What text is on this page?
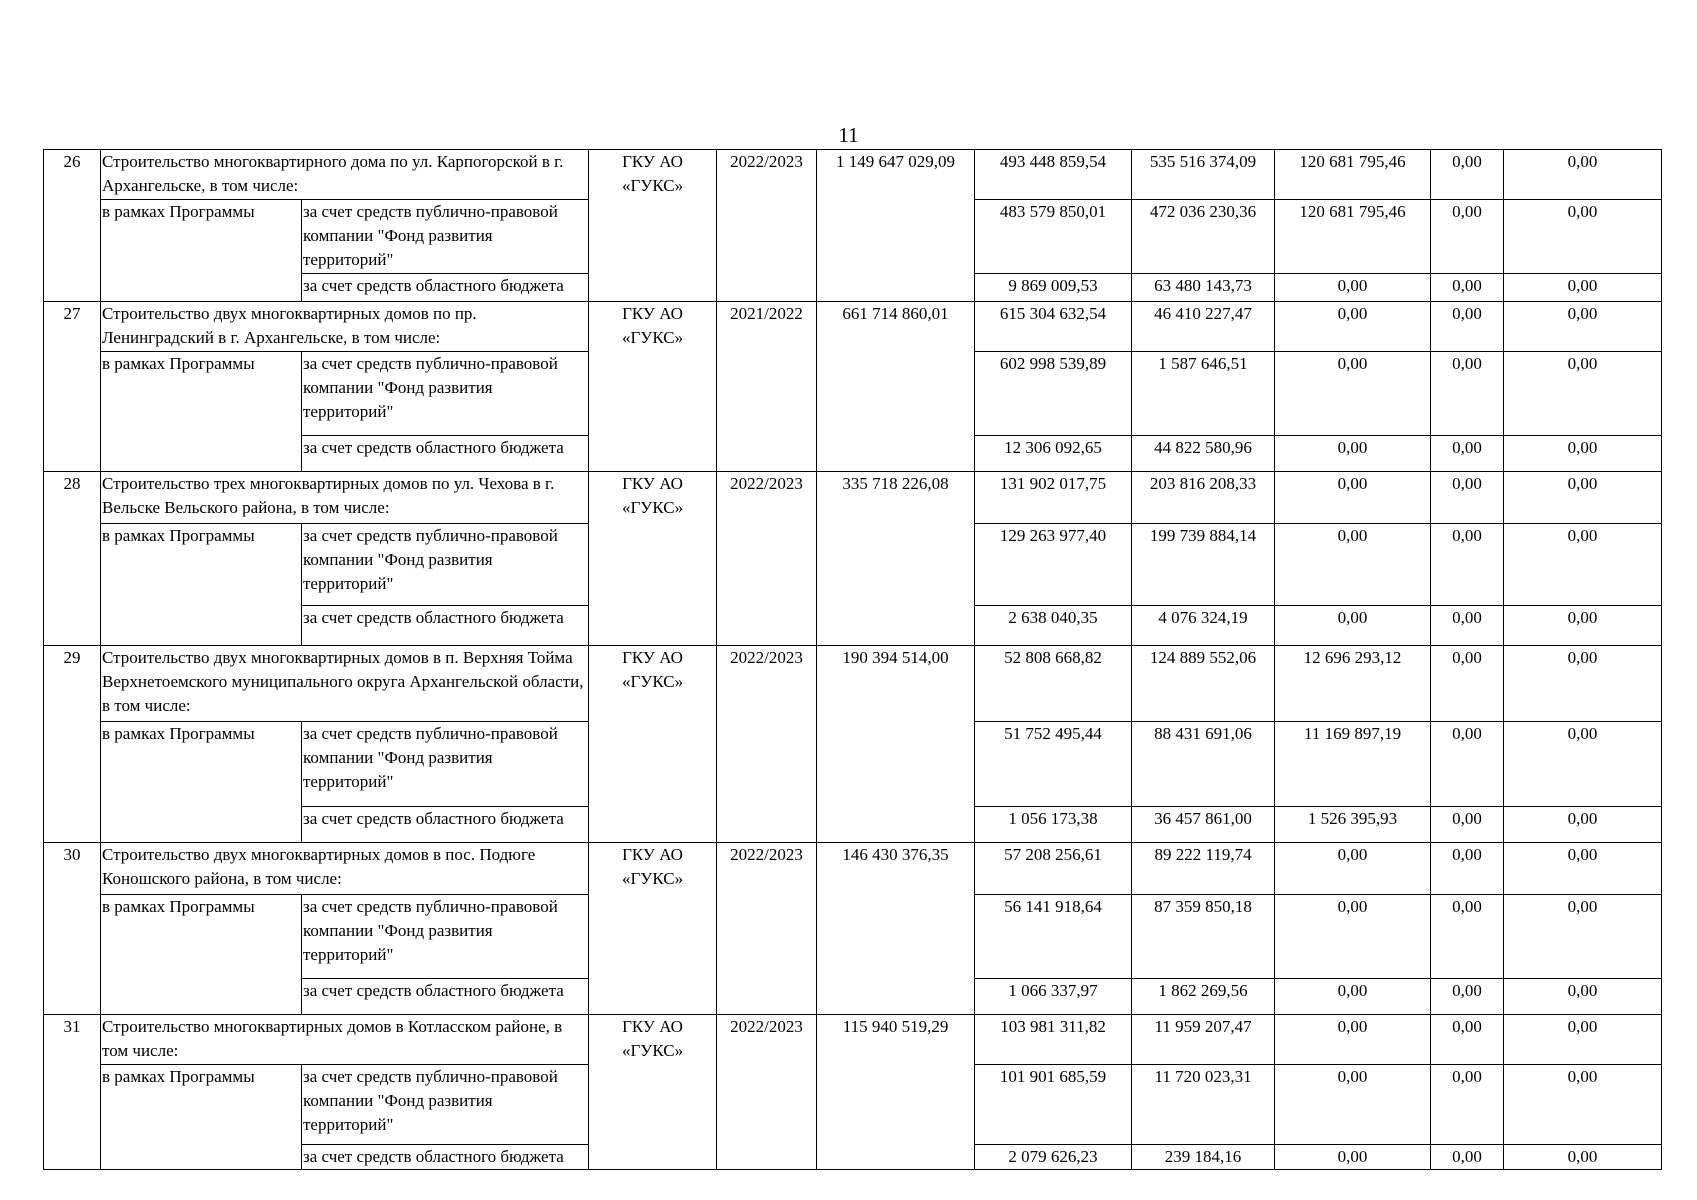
11
26	Строительство многоквартирного дома по ул. Карпогорской в г. Архангельске, в том числе:		ГКУ АО
«ГУКС»	2022/2023	1 149 647 029,09	493 448 859,54	535 516 374,09	120 681 795,46	0,00	0,00
	в рамках Программы	за счет средств публично-правовой компании "Фонд развития территорий"				483 579 850,01	472 036 230,36	120 681 795,46	0,00	0,00
		за счет средств областного бюджета				9 869 009,53	63 480 143,73	0,00	0,00	0,00
27	Строительство двух многоквартирных домов по пр. Ленинградский в г. Архангельске, в том числе:		ГКУ АО
«ГУКС»	2021/2022	661 714 860,01	615 304 632,54	46 410 227,47	0,00	0,00	0,00
	в рамках Программы	за счет средств публично-правовой компании "Фонд развития территорий"				602 998 539,89	1 587 646,51	0,00	0,00	0,00
		за счет средств областного бюджета				12 306 092,65	44 822 580,96	0,00	0,00	0,00
28	Строительство трех многоквартирных домов по ул. Чехова в г. Вельске Вельского района, в том числе:		ГКУ АО
«ГУКС»	2022/2023	335 718 226,08	131 902 017,75	203 816 208,33	0,00	0,00	0,00
	в рамках Программы	за счет средств публично-правовой компании "Фонд развития территорий"				129 263 977,40	199 739 884,14	0,00	0,00	0,00
		за счет средств областного бюджета				2 638 040,35	4 076 324,19	0,00	0,00	0,00
29	Строительство двух многоквартирных домов в п. Верхняя Тойма Верхнетоемского муниципального округа Архангельской области, в том числе:		ГКУ АО
«ГУКС»	2022/2023	190 394 514,00	52 808 668,82	124 889 552,06	12 696 293,12	0,00	0,00
	в рамках Программы	за счет средств публично-правовой компании "Фонд развития территорий"				51 752 495,44	88 431 691,06	11 169 897,19	0,00	0,00
		за счет средств областного бюджета				1 056 173,38	36 457 861,00	1 526 395,93	0,00	0,00
30	Строительство двух многоквартирных домов в пос. Подюге Коношского района, в том числе:		ГКУ АО
«ГУКС»	2022/2023	146 430 376,35	57 208 256,61	89 222 119,74	0,00	0,00	0,00
	в рамках Программы	за счет средств публично-правовой компании "Фонд развития территорий"				56 141 918,64	87 359 850,18	0,00	0,00	0,00
		за счет средств областного бюджета				1 066 337,97	1 862 269,56	0,00	0,00	0,00
31	Строительство многоквартирных домов в Котласском районе, в том числе:		ГКУ АО
«ГУКС»	2022/2023	115 940 519,29	103 981 311,82	11 959 207,47	0,00	0,00	0,00
	в рамках Программы	за счет средств публично-правовой компании "Фонд развития территорий"				101 901 685,59	11 720 023,31	0,00	0,00	0,00
		за счет средств областного бюджета				2 079 626,23	239 184,16	0,00	0,00	0,00
